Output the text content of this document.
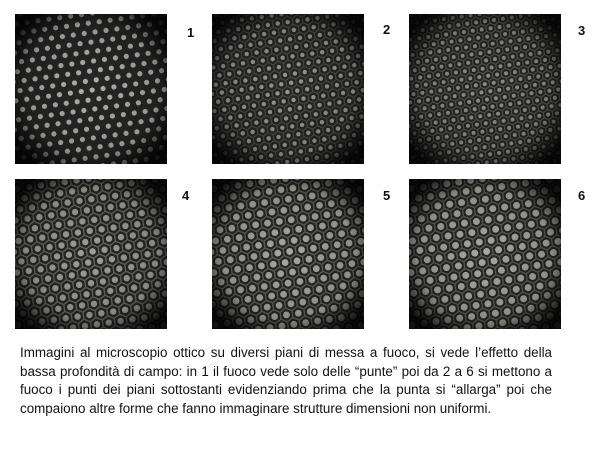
1	2	3
4	5	6

Immagini al microscopio ottico su diversi piani di messa a fuoco, si vede l’effetto della bassa profondità di campo: in 1 il fuoco vede solo delle “punte” poi da 2 a 6 si mettono a fuoco i punti dei piani sottostanti evidenziando prima che la punta si “allarga” poi che compaiono altre forme che fanno immaginare strutture dimensioni non uniformi.
